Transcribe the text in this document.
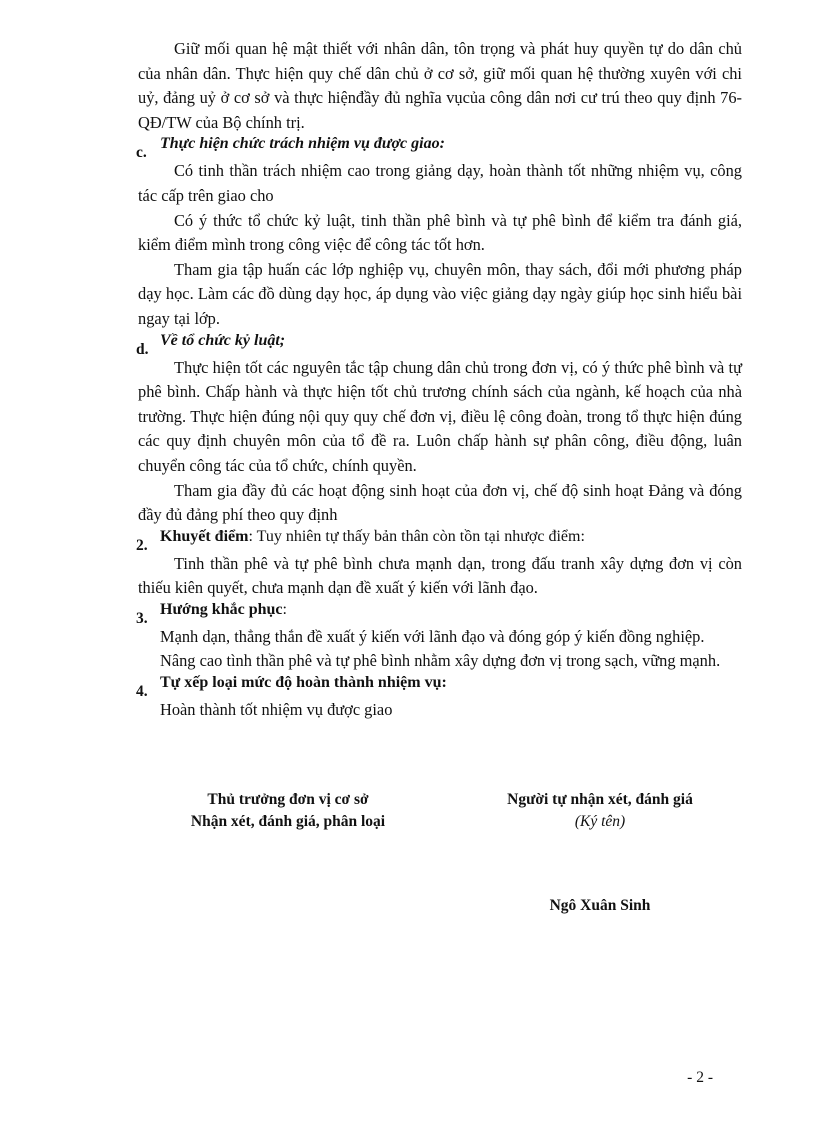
Giữ mối quan hệ mật thiết với nhân dân, tôn trọng và phát huy quyền tự do dân chủ của nhân dân. Thực hiện quy chế dân chủ ở cơ sở, giữ mối quan hệ thường xuyên với chi uỷ, đảng uỷ ở cơ sở và thực hiệnđầy đủ nghĩa vụcủa công dân nơi cư trú theo quy định 76-QĐ/TW của Bộ chính trị.

c.
Thực hiện chức trách nhiệm vụ được giao:

Có tinh thần trách nhiệm cao trong giảng dạy, hoàn thành tốt những nhiệm vụ, công tác cấp trên giao cho

Có ý thức tổ chức kỷ luật, tinh thần phê bình và tự phê bình để kiểm tra đánh giá, kiểm điểm mình trong công việc để công tác tốt hơn.

Tham gia tập huấn các lớp nghiệp vụ, chuyên môn, thay sách, đổi mới phương pháp dạy học. Làm các đồ dùng dạy học, áp dụng vào việc giảng dạy ngày giúp học sinh hiểu bài ngay tại lớp.

d.
Về tổ chức kỷ luật;

Thực hiện tốt các nguyên tắc tập chung dân chủ trong đơn vị, có ý thức phê bình và tự phê bình. Chấp hành và thực hiện tốt chủ trương chính sách của ngành, kế hoạch của nhà trường. Thực hiện đúng nội quy quy chế đơn vị, điều lệ công đoàn, trong tổ thực hiện đúng các quy định chuyên môn của tổ đề ra. Luôn chấp hành sự phân công, điều động, luân chuyển công tác của tổ chức, chính quyền.

Tham gia đầy đủ các hoạt động sinh hoạt của đơn vị, chế độ sinh hoạt Đảng và đóng đầy đủ đảng phí theo quy định

2.
Khuyết điểm: Tuy nhiên tự thấy bản thân còn tồn tại nhược điểm:

Tinh thần phê và tự phê bình chưa mạnh dạn, trong đấu tranh xây dựng đơn vị còn thiếu kiên quyết, chưa mạnh dạn đề xuất ý kiến với lãnh đạo.

3.
Hướng khắc phục:

Mạnh dạn, thẳng thắn đề xuất ý kiến với lãnh đạo và đóng góp ý kiến đồng nghiệp.

Nâng cao tình thần phê và tự phê bình nhằm xây dựng đơn vị trong sạch, vững mạnh.

4.
Tự xếp loại mức độ hoàn thành nhiệm vụ:

Hoàn thành tốt nhiệm vụ được giao

Thủ trưởng đơn vị cơ sở
Nhận xét, đánh giá, phân loại
Người tự nhận xét, đánh giá
(Ký tên)
Ngô Xuân Sinh
- 2 -
